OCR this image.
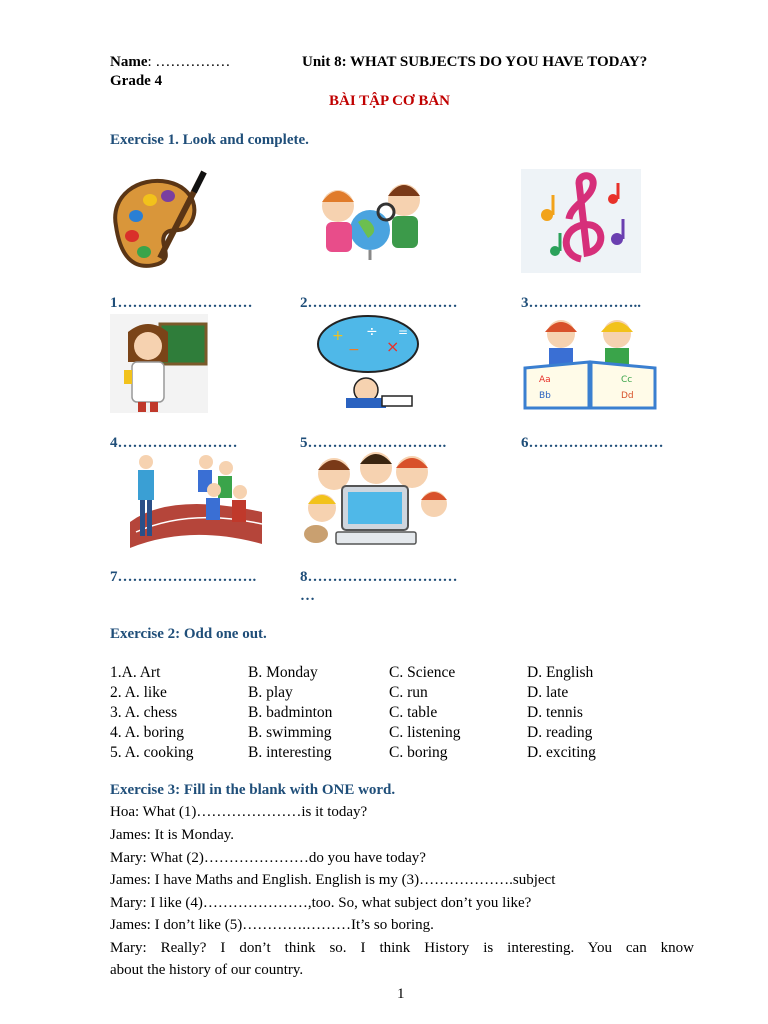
Name: ……………	Unit 8: WHAT SUBJECTS DO YOU HAVE TODAY?
Grade 4
BÀI TẬP CƠ BẢN
Exercise 1. Look and complete.
1………………………	2…………………………	3…………………..
+
−
÷
×
=
Aa
Bb
Cc
Dd
4……………………	5……………………….	6………………………
7……………………….	8…………………………
…
Exercise 2: Odd one out.
1.A. Art	B. Monday	C. Science	D. English
2. A. like	B. play	C. run	D. late
3. A. chess	B. badminton	C. table	D. tennis
4. A. boring	B. swimming	C. listening	D. reading
5. A. cooking	B. interesting	C. boring	D. exciting
Exercise 3: Fill in the blank with ONE word.
Hoa: What (1)…………………is it today?
James: It is Monday.
Mary: What (2)…………………do you have today?
James: I have Maths and English. English is my (3)……………….subject
Mary: I like (4)…………………,too. So, what subject don’t you like?
James: I don’t like (5)………….………It’s so boring.
Mary: Really? I don’t think so. I think History is interesting. You can know
about the history of our country.
1
